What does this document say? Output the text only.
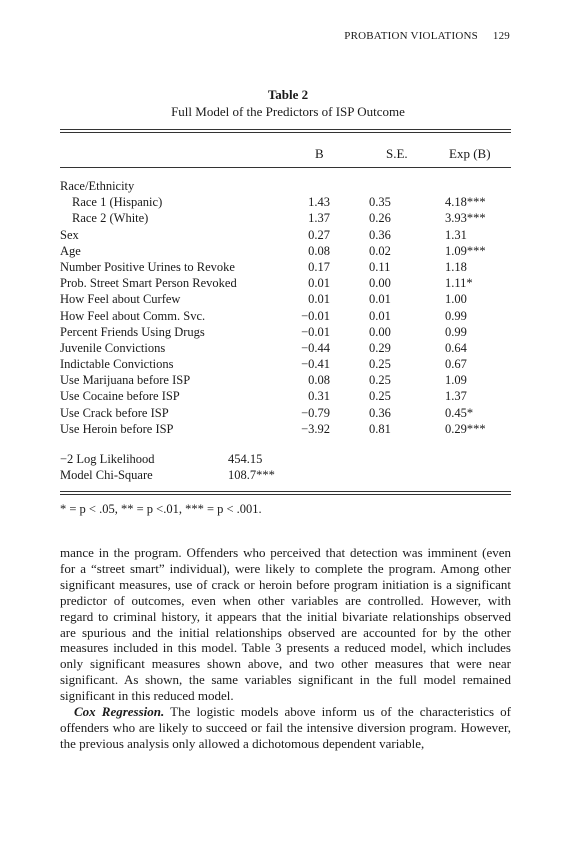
PROBATION VIOLATIONS 129
Table 2
Full Model of the Predictors of ISP Outcome
B	S.E.	Exp (B)
Race/Ethnicity
Race 1 (Hispanic)	1.43	0.35	4.18***
Race 2 (White)	1.37	0.26	3.93***
Sex	0.27	0.36	1.31
Age	0.08	0.02	1.09***
Number Positive Urines to Revoke	0.17	0.11	1.18
Prob. Street Smart Person Revoked	0.01	0.00	1.11*
How Feel about Curfew	0.01	0.01	1.00
How Feel about Comm. Svc.	−0.01	0.01	0.99
Percent Friends Using Drugs	−0.01	0.00	0.99
Juvenile Convictions	−0.44	0.29	0.64
Indictable Convictions	−0.41	0.25	0.67
Use Marijuana before ISP	0.08	0.25	1.09
Use Cocaine before ISP	0.31	0.25	1.37
Use Crack before ISP	−0.79	0.36	0.45*
Use Heroin before ISP	−3.92	0.81	0.29***
−2 Log Likelihood	454.15
Model Chi-Square	108.7***
* = p < .05, ** = p <.01, *** = p < .001.

mance in the program. Offenders who perceived that detection was imminent (even for a “street smart” individual), were likely to complete the program. Among other significant measures, use of crack or heroin before program initiation is a significant predictor of outcomes, even when other variables are controlled. However, with regard to criminal history, it appears that the initial bivariate relationships observed are spurious and the initial relationships observed are accounted for by the other measures included in this model. Table 3 presents a reduced model, which includes only significant measures shown above, and two other measures that were near significant. As shown, the same variables significant in the full model remained significant in this reduced model.

Cox Regression. The logistic models above inform us of the characteristics of offenders who are likely to succeed or fail the intensive diversion program. However, the previous analysis only allowed a dichotomous dependent variable,
